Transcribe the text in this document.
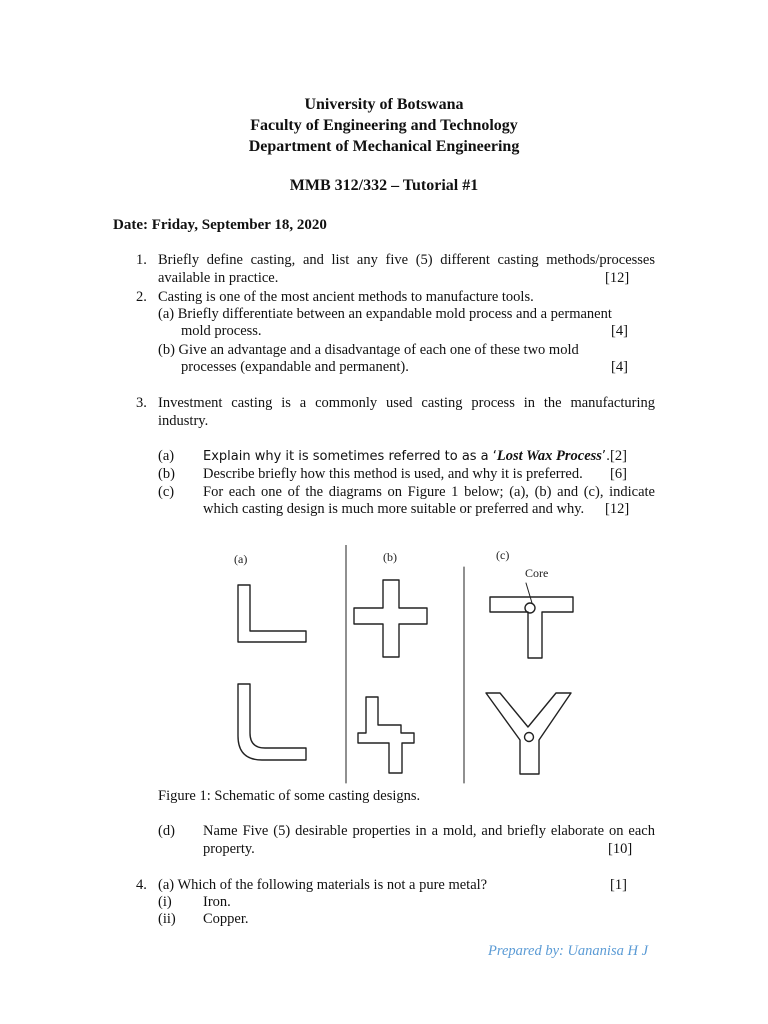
University of Botswana
Faculty of Engineering and Technology
Department of Mechanical Engineering
MMB 312/332 – Tutorial #1
Date: Friday, September 18, 2020
1. Briefly define casting, and list any five (5) different casting methods/processes
available in practice.	[12]
2. Casting is one of the most ancient methods to manufacture tools.
(a) Briefly differentiate between an expandable mold process and a permanent
mold process.	[4]
(b) Give an advantage and a disadvantage of each one of these two mold
processes (expandable and permanent).	[4]
3. Investment casting is a commonly used casting process in the manufacturing
industry.
(a) Explain why it is sometimes referred to as a ‘Lost Wax Process’. [2]
(b) Describe briefly how this method is used, and why it is preferred. [6]
(c) For each one of the diagrams on Figure 1 below; (a), (b) and (c), indicate
which casting design is much more suitable or preferred and why. [12]
(a)	(b)	(c)
Core
Figure 1: Schematic of some casting designs.
(d) Name Five (5) desirable properties in a mold, and briefly elaborate on each
property.	[10]
4. (a) Which of the following materials is not a pure metal?	[1]
(i) Iron.
(ii) Copper.
Prepared by: Uananisa H J
